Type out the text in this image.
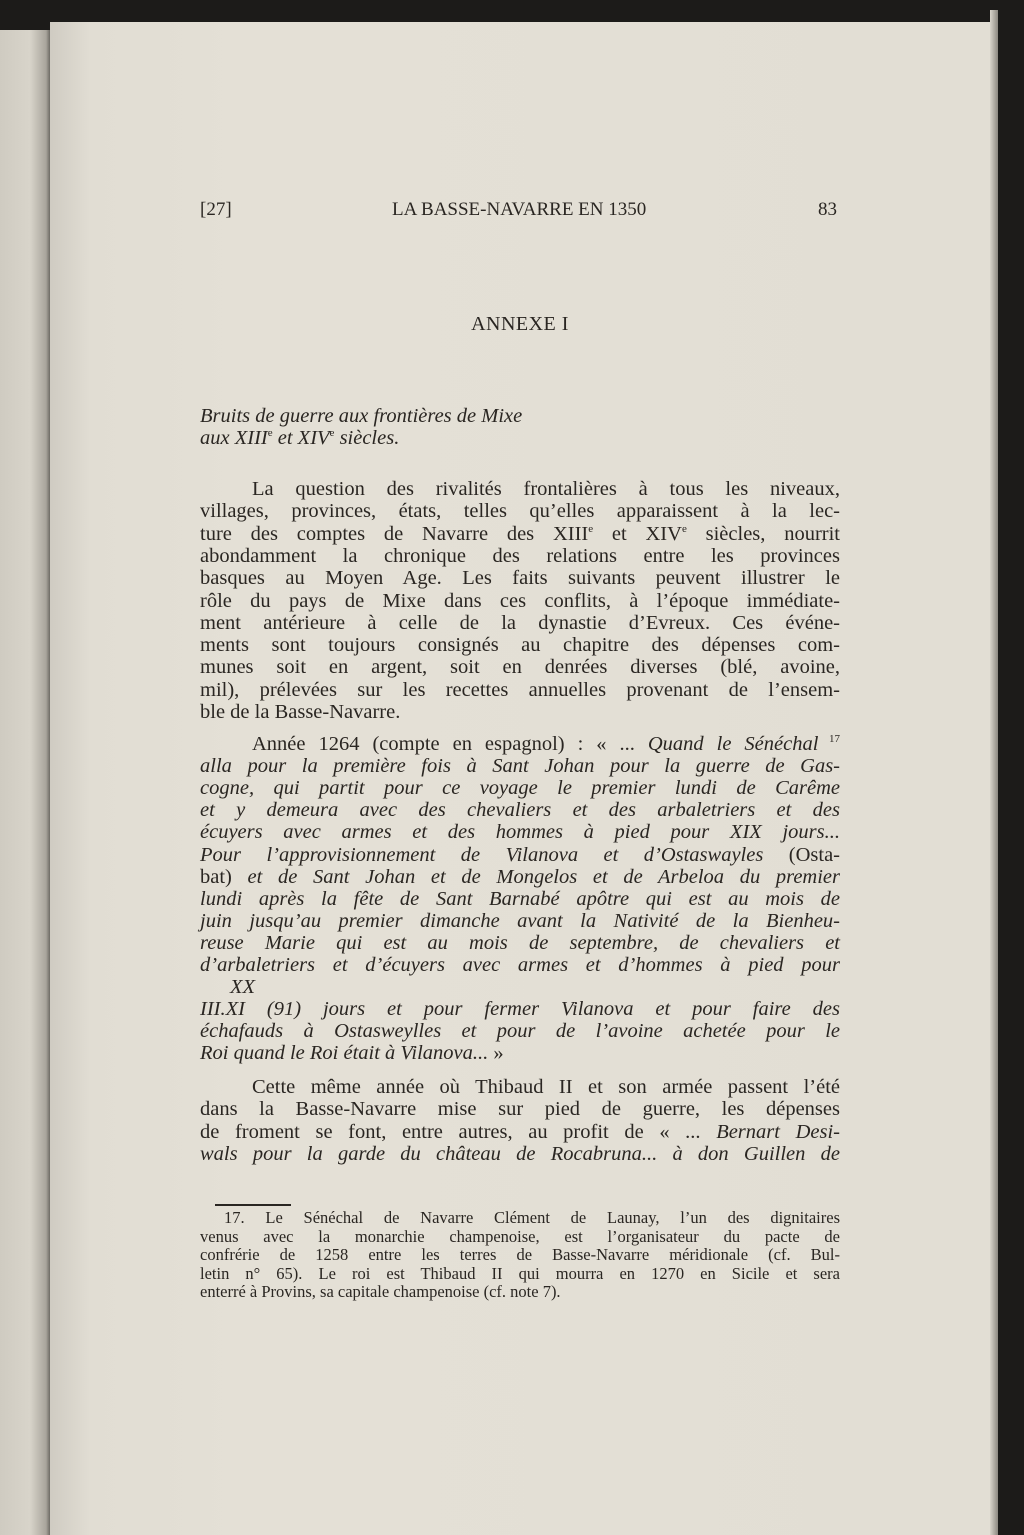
[27]	LA BASSE-NAVARRE EN 1350	83
ANNEXE I
Bruits de guerre aux frontières de Mixe
aux XIIIe et XIVe siècles.
La question des rivalités frontalières à tous les niveaux,
villages, provinces, états, telles qu’elles apparaissent à la lec-
ture des comptes de Navarre des XIIIe et XIVe siècles, nourrit
abondamment la chronique des relations entre les provinces
basques au Moyen Age. Les faits suivants peuvent illustrer le
rôle du pays de Mixe dans ces conflits, à l’époque immédiate-
ment antérieure à celle de la dynastie d’Evreux. Ces événe-
ments sont toujours consignés au chapitre des dépenses com-
munes soit en argent, soit en denrées diverses (blé, avoine,
mil), prélevées sur les recettes annuelles provenant de l’ensem-
ble de la Basse-Navarre.
Année 1264 (compte en espagnol) : « ... Quand le Sénéchal $^{17}$
alla pour la première fois à Sant Johan pour la guerre de Gas-
cogne, qui partit pour ce voyage le premier lundi de Carême
et y demeura avec des chevaliers et des arbaletriers et des
écuyers avec armes et des hommes à pied pour XIX jours...
Pour l’approvisionnement de Vilanova et d’Ostaswayles (Osta-
bat) et de Sant Johan et de Mongelos et de Arbeloa du premier
lundi après la fête de Sant Barnabé apôtre qui est au mois de
juin jusqu’au premier dimanche avant la Nativité de la Bienheu-
reuse Marie qui est au mois de septembre, de chevaliers et
d’arbaletriers et d’écuyers avec armes et d’hommes à pied pour
XX
III.XI (91) jours et pour fermer Vilanova et pour faire des
échafauds à Ostasweylles et pour de l’avoine achetée pour le
Roi quand le Roi était à Vilanova... »
Cette même année où Thibaud II et son armée passent l’été
dans la Basse-Navarre mise sur pied de guerre, les dépenses
de froment se font, entre autres, au profit de « ... Bernart Desi-
wals pour la garde du château de Rocabruna... à don Guillen de
17. Le Sénéchal de Navarre Clément de Launay, l’un des dignitaires
venus avec la monarchie champenoise, est l’organisateur du pacte de
confrérie de 1258 entre les terres de Basse-Navarre méridionale (cf. Bul-
letin n° 65). Le roi est Thibaud II qui mourra en 1270 en Sicile et sera
enterré à Provins, sa capitale champenoise (cf. note 7).
